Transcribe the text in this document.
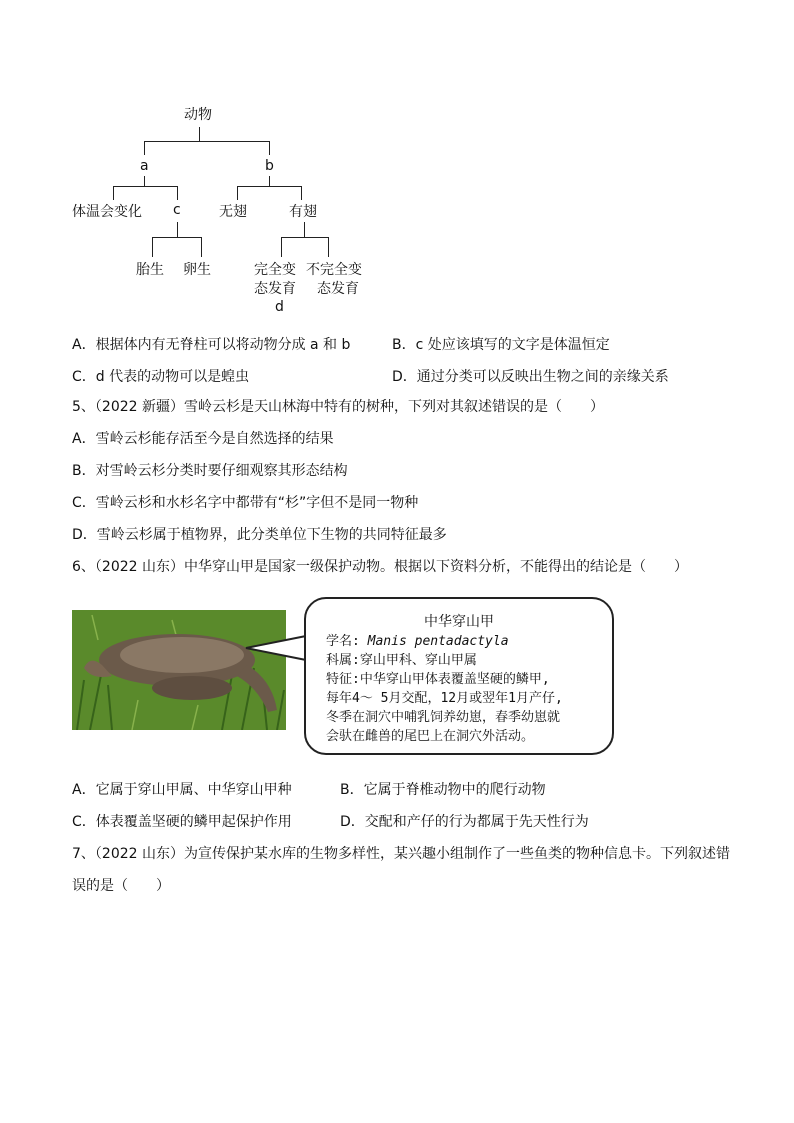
动物
a	b
体温会变化 c	无翅	有翅
胎生 卵生	完全变
态发育
d
不完全变
态发育
A．根据体内有无脊柱可以将动物分成 a 和 b	B．c 处应该填写的文字是体温恒定
C．d 代表的动物可以是蝗虫	D．通过分类可以反映出生物之间的亲缘关系
5、（2022 新疆）雪岭云杉是天山林海中特有的树种，下列对其叙述错误的是（　　）
A．雪岭云杉能存活至今是自然选择的结果
B．对雪岭云杉分类时要仔细观察其形态结构
C．雪岭云杉和水杉名字中都带有“杉”字但不是同一物种
D．雪岭云杉属于植物界，此分类单位下生物的共同特征最多
6、（2022 山东）中华穿山甲是国家一级保护动物。根据以下资料分析，不能得出的结论是（　　）
中华穿山甲
学名: Manis pentadactyla
科属:穿山甲科、穿山甲属
特征:中华穿山甲体表覆盖坚硬的鳞甲,
每年4～ 5月交配，12月或翌年1月产仔,
冬季在洞穴中哺乳饲养幼崽，春季幼崽就
会驮在雌兽的尾巴上在洞穴外活动。
A．它属于穿山甲属、中华穿山甲种	B．它属于脊椎动物中的爬行动物
C．体表覆盖坚硬的鳞甲起保护作用	D．交配和产仔的行为都属于先天性行为
7、（2022 山东）为宣传保护某水库的生物多样性，某兴趣小组制作了一些鱼类的物种信息卡。下列叙述错
误的是（　　）
